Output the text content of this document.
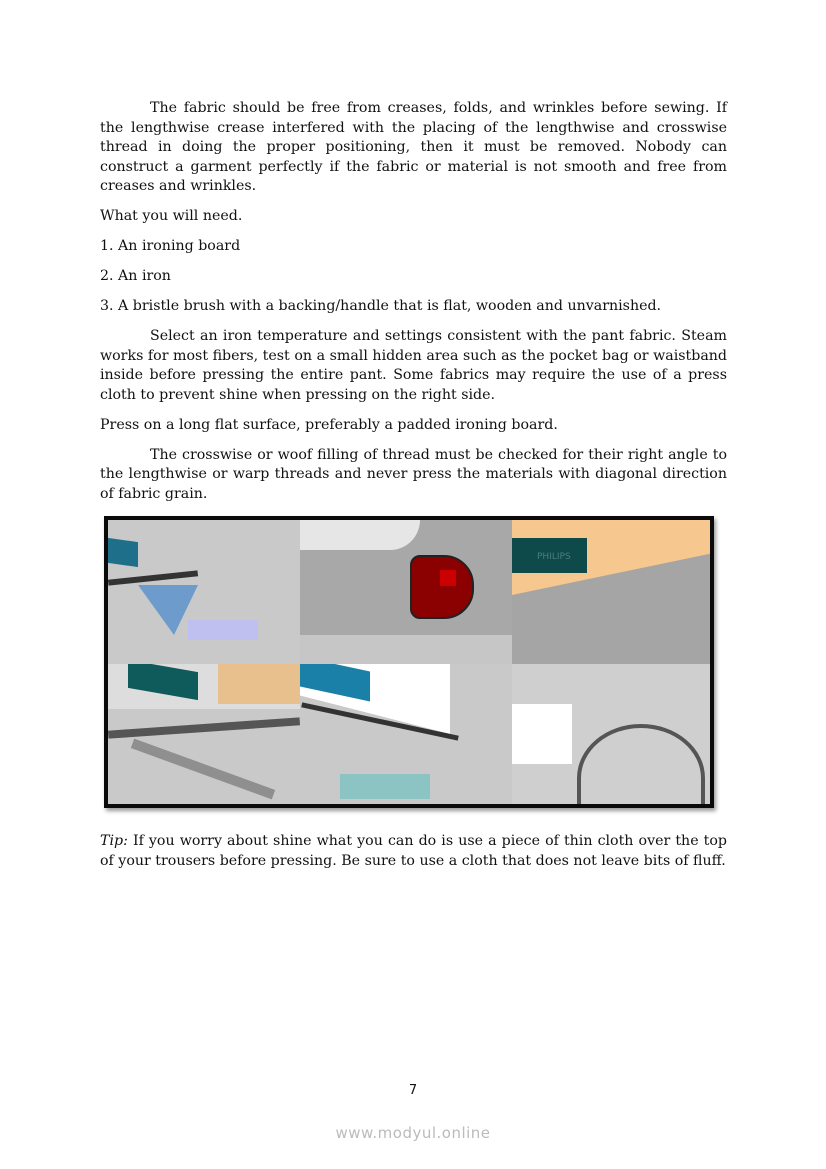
The fabric should be free from creases, folds, and wrinkles before sewing. If the lengthwise crease interfered with the placing of the lengthwise and crosswise thread in doing the proper positioning, then it must be removed. Nobody can construct a garment perfectly if the fabric or material is not smooth and free from creases and wrinkles.

What you will need.

1. An ironing board

2. An iron

3. A bristle brush with a backing/handle that is flat, wooden and unvarnished.

Select an iron temperature and settings consistent with the pant fabric. Steam works for most fibers, test on a small hidden area such as the pocket bag or waistband inside before pressing the entire pant. Some fabrics may require the use of a press cloth to prevent shine when pressing on the right side.

Press on a long flat surface, preferably a padded ironing board.

The crosswise or woof filling of thread must be checked for their right angle to the lengthwise or warp threads and never press the materials with diagonal direction of fabric grain.

PHILIPS

Tip: If you worry about shine what you can do is use a piece of thin cloth over the top of your trousers before pressing. Be sure to use a cloth that does not leave bits of fluff.

7
www.modyul.online
